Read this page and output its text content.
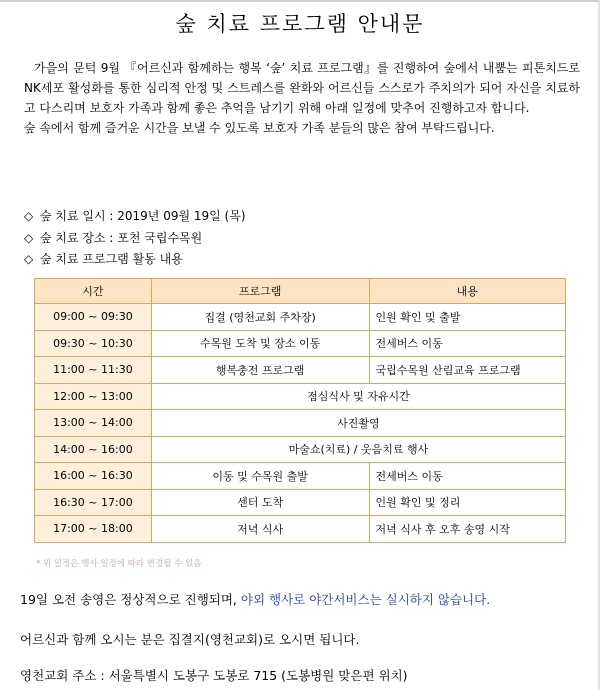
숲 치료 프로그램 안내문

가을의 문턱 9월 『어르신과 함께하는 행복 ‘숲’ 치료 프로그램』를 진행하여 숲에서 내뿜는 피톤치드로 NK세포 활성화를 통한 심리적 안정 및 스트레스를 완화와 어르신들 스스로가 주치의가 되어 자신을 치료하고 다스리며 보호자 가족과 함께 좋은 추억을 남기기 위해 아래 일정에 맞추어 진행하고자 합니다.

숲 속에서 함께 즐거운 시간을 보낼 수 있도록 보호자 가족 분들의 많은 참여 부탁드립니다.

◇ 숲 치료 일시 : 2019년 09월 19일 (목)
◇ 숲 치료 장소 : 포천 국립수목원
◇ 숲 치료 프로그램 활동 내용
시간	프로그램	내용
09:00 ~ 09:30	집결 (영천교회 주차장)	인원 확인 및 출발
09:30 ~ 10:30	수목원 도착 및 장소 이동	전세버스 이동
11:00 ~ 11:30	행복충전 프로그램	국립수목원 산림교육 프로그램
12:00 ~ 13:00	점심식사 및 자유시간	
13:00 ~ 14:00	사진촬영	
14:00 ~ 16:00	마술쇼(치료) / 웃음치료 행사	
16:00 ~ 16:30	이동 및 수목원 출발	전세버스 이동
16:30 ~ 17:00	센터 도착	인원 확인 및 정리
17:00 ~ 18:00	저녁 식사	저녁 식사 후 오후 송영 시작
* 위 일정은 행사 일정에 따라 변경될 수 있음
19일 오전 송영은 정상적으로 진행되며, 야외 행사로 야간서비스는 실시하지 않습니다.
어르신과 함께 오시는 분은 집결지(영천교회)로 오시면 됩니다.
영천교회 주소 : 서울특별시 도봉구 도봉로 715 (도봉병원 맞은편 위치)
